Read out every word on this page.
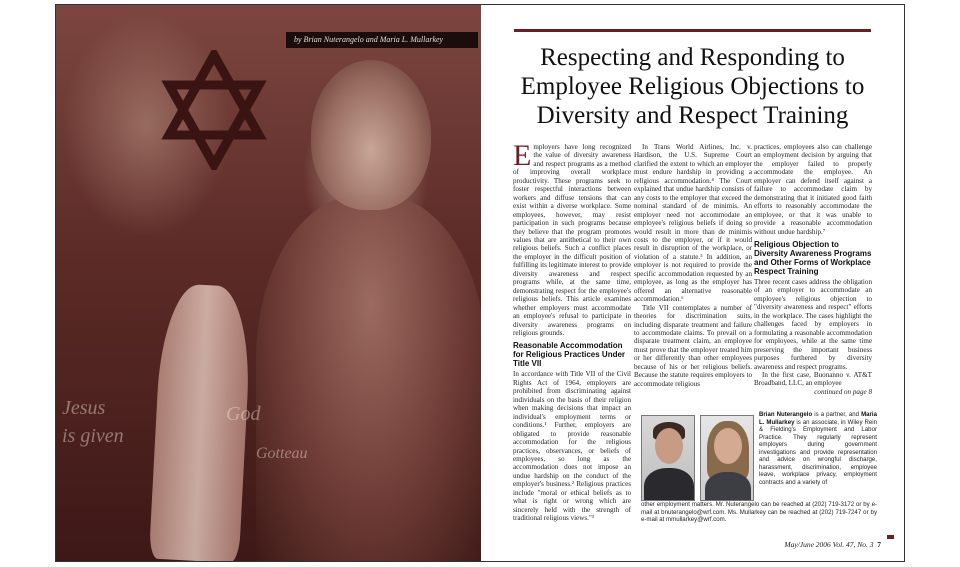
Jesus
is given
God
Gotteau
by Brian Nuterangelo and Maria L. Mullarkey
Respecting and Responding to Employee Religious Objections to Diversity and Respect Training

Employers have long recognized the value of diversity awareness and respect programs as a method of improving overall workplace productivity. These programs seek to foster respectful interactions between workers and diffuse tensions that can exist within a diverse workplace. Some employees, however, may resist participation in such programs because they believe that the program promotes values that are antithetical to their own religious beliefs. Such a conflict places the employer in the difficult position of fulfilling its legitimate interest to provide diversity awareness and respect programs while, at the same time, demonstrating respect for the employee's religious beliefs. This article examines whether employers must accommodate an employee's refusal to participate in diversity awareness programs on religious grounds.

Reasonable Accommodation for Religious Practices Under Title VII

In accordance with Title VII of the Civil Rights Act of 1964, employers are prohibited from discriminating against individuals on the basis of their religion when making decisions that impact an individual's employment terms or conditions.¹ Further, employers are obligated to provide reasonable accommodation for the religious practices, observances, or beliefs of employees, so long as the accommodation does not impose an undue hardship on the conduct of the employer's business.² Religious practices include "moral or ethical beliefs as to what is right or wrong which are sincerely held with the strength of traditional religious views."³

In Trans World Airlines, Inc. v. Hardison, the U.S. Supreme Court clarified the extent to which an employer must endure hardship in providing a religious accommodation.⁴ The Court explained that undue hardship consists of any costs to the employer that exceed the nominal standard of de minimis. An employer need not accommodate an employee's religious beliefs if doing so would result in more than de minimis costs to the employer, or if it would result in disruption of the workplace, or violation of a statute.⁵ In addition, an employer is not required to provide the specific accommodation requested by an employee, as long as the employer has offered an alternative reasonable accommodation.⁶

Title VII contemplates a number of theories for discrimination suits, including disparate treatment and failure to accommodate claims. To prevail on a disparate treatment claim, an employee must prove that the employer treated him or her differently than other employees because of his or her religious beliefs. Because the statute requires employers to accommodate religious

practices, employees also can challenge an employment decision by arguing that the employer failed to properly accommodate the employee. An employer can defend itself against a failure to accommodate claim by demonstrating that it initiated good faith efforts to reasonably accommodate the employee, or that it was unable to provide a reasonable accommodation without undue hardship.⁷

Religious Objection to Diversity Awareness Programs and Other Forms of Workplace Respect Training

Three recent cases address the obligation of an employer to accommodate an employee's religious objection to "diversity awareness and respect" efforts in the workplace. The cases highlight the challenges faced by employers in formulating a reasonable accommodation for employees, while at the same time preserving the important business purposes furthered by diversity awareness and respect programs.

In the first case, Buonanno v. AT&T Broadband, LLC, an employee

continued on page 8

Brian Nuterangelo is a partner, and Maria L. Mullarkey is an associate, in Wiley Rein & Fielding's Employment and Labor Practice. They regularly represent employers during government investigations and provide representation and advice on wrongful discharge, harassment, discrimination, employee leave, workplace privacy, employment contracts and a variety of
other employment matters. Mr. Nuterangelo can be reached at (202) 719-3172 or by e-mail at bnuterangelo@wrf.com. Ms. Mullarkey can be reached at (202) 719-7247 or by e-mail at mmullarkey@wrf.com.
May/June 2006 Vol. 47, No. 3 7
